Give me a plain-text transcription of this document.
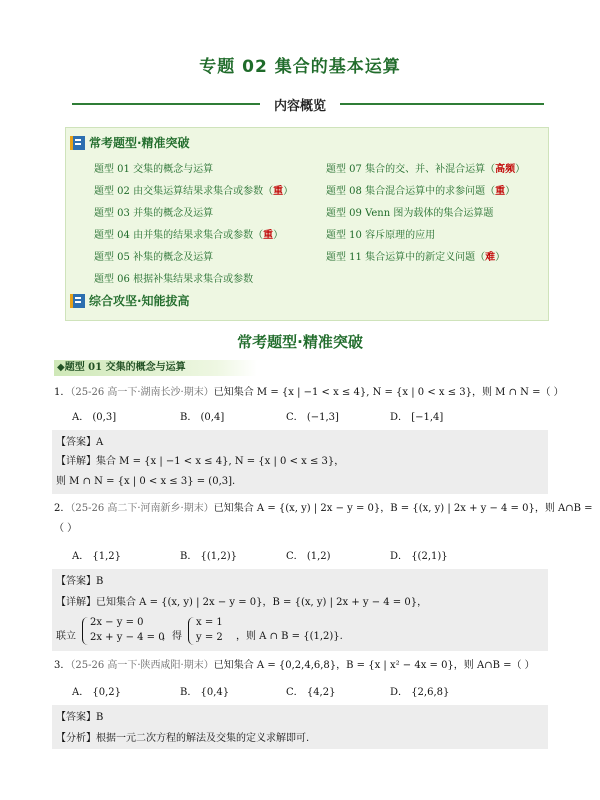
专题 02 集合的基本运算
内容概览
常考题型·精准突破
题型 01 交集的概念与运算
题型 02 由交集运算结果求集合或参数（重）
题型 03 并集的概念及运算
题型 04 由并集的结果求集合或参数（重）
题型 05 补集的概念及运算
题型 06 根据补集结果求集合或参数
题型 07 集合的交、并、补混合运算（高频）
题型 08 集合混合运算中的求参问题（重）
题型 09 Venn 图为载体的集合运算题
题型 10 容斥原理的应用
题型 11 集合运算中的新定义问题（难）
综合攻坚·知能拔高
常考题型·精准突破
◆题型 01 交集的概念与运算
1．（25-26 高一下·湖南长沙·期末）已知集合 M = {x | −1 < x ≤ 4}, N = {x | 0 < x ≤ 3}，则 M ∩ N =（ ）
A． (0,3]	B． (0,4]	C． (−1,3]	D． [−1,4]
【答案】A
【详解】集合 M = {x | −1 < x ≤ 4}, N = {x | 0 < x ≤ 3}，
则 M ∩ N = {x | 0 < x ≤ 3} = (0,3].
2．（25-26 高二下·河南新乡·期末）已知集合 A = {(x, y) | 2x − y = 0}，B = {(x, y) | 2x + y − 4 = 0}，则 A∩B =
（ ）
A． {1,2}	B． {(1,2)}	C． (1,2)	D． {(2,1)}
【答案】B
【详解】已知集合 A = {(x, y) | 2x − y = 0}，B = {(x, y) | 2x + y − 4 = 0}，
联立
2x − y = 0
2x + y − 4 = 0
，得
x = 1
y = 2 ，则 A ∩ B = {(1,2)}.
3．（25-26 高一下·陕西咸阳·期末）已知集合 A = {0,2,4,6,8}，B = {x | x² − 4x = 0}，则 A∩B =（ ）
A． {0,2}	B． {0,4}	C． {4,2}	D． {2,6,8}
【答案】B
【分析】根据一元二次方程的解法及交集的定义求解即可.
